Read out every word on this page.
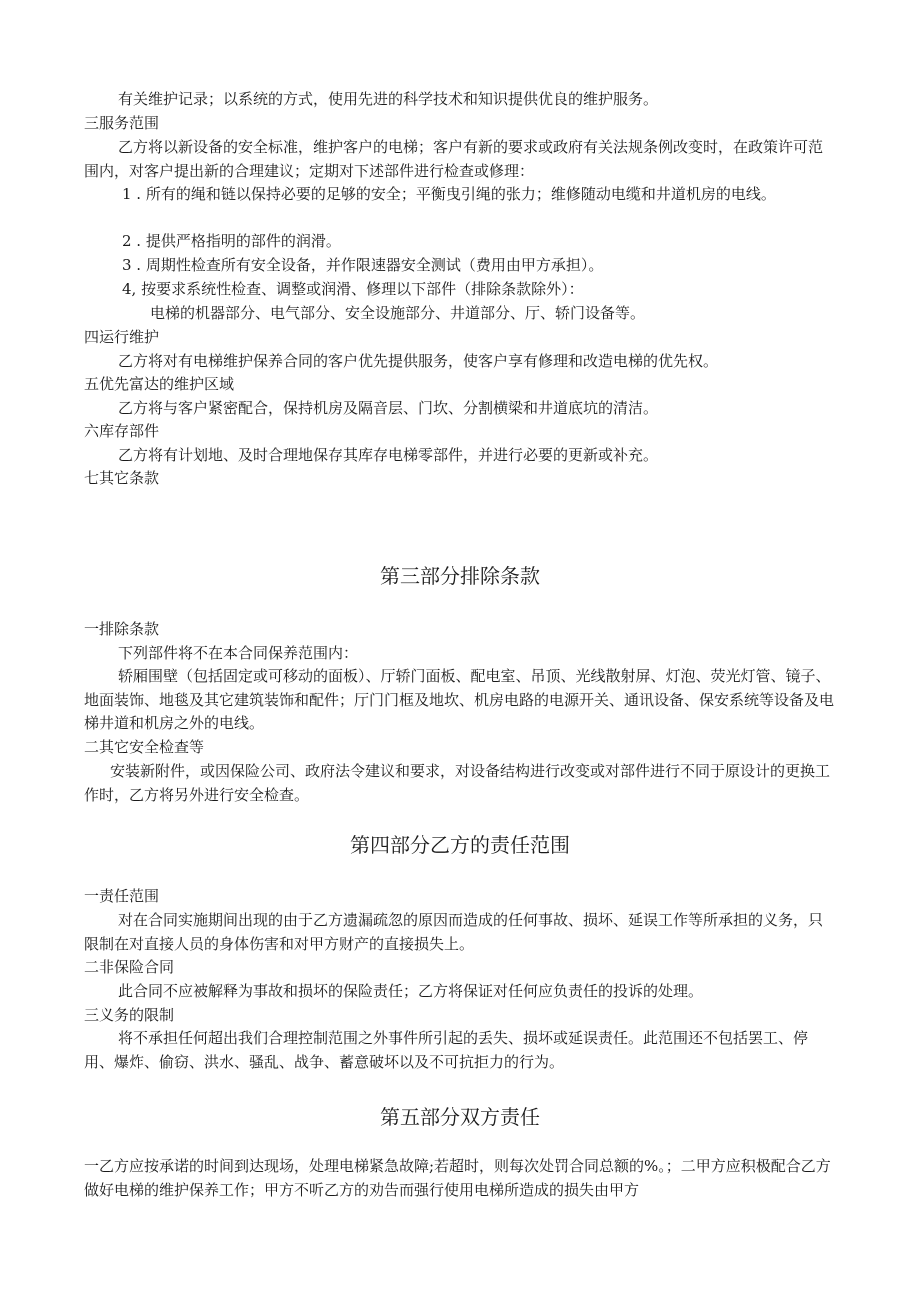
有关维护记录；以系统的方式，使用先进的科学技术和知识提供优良的维护服务。

三服务范围

乙方将以新设备的安全标准，维护客户的电梯；客户有新的要求或政府有关法规条例改变时，在政策许可范围内，对客户提出新的合理建议；定期对下述部件进行检查或修理：

1 . 所有的绳和链以保持必要的足够的安全；平衡曳引绳的张力；维修随动电缆和井道机房的电线。

2 . 提供严格指明的部件的润滑。

3 . 周期性检查所有安全设备，并作限速器安全测试（费用由甲方承担）。

4, 按要求系统性检查、调整或润滑、修理以下部件（排除条款除外）：

电梯的机器部分、电气部分、安全设施部分、井道部分、厅、轿门设备等。

四运行维护

乙方将对有电梯维护保养合同的客户优先提供服务，使客户享有修理和改造电梯的优先权。

五优先富达的维护区域

乙方将与客户紧密配合，保持机房及隔音层、门坎、分割横梁和井道底坑的清洁。

六库存部件

乙方将有计划地、及时合理地保存其库存电梯零部件，并进行必要的更新或补充。

七其它条款

第三部分排除条款

一排除条款

下列部件将不在本合同保养范围内：

轿厢围壁（包括固定或可移动的面板）、厅轿门面板、配电室、吊顶、光线散射屏、灯泡、荧光灯管、镜子、地面装饰、地毯及其它建筑装饰和配件；厅门门框及地坎、机房电路的电源开关、通讯设备、保安系统等设备及电梯井道和机房之外的电线。

二其它安全检查等

安装新附件，或因保险公司、政府法令建议和要求，对设备结构进行改变或对部件进行不同于原设计的更换工作时，乙方将另外进行安全检查。

第四部分乙方的责任范围

一责任范围

对在合同实施期间出现的由于乙方遗漏疏忽的原因而造成的任何事故、损坏、延误工作等所承担的义务，只限制在对直接人员的身体伤害和对甲方财产的直接损失上。

二非保险合同

此合同不应被解释为事故和损坏的保险责任；乙方将保证对任何应负责任的投诉的处理。

三义务的限制

将不承担任何超出我们合理控制范围之外事件所引起的丢失、损坏或延误责任。此范围还不包括罢工、停用、爆炸、偷窃、洪水、骚乱、战争、蓄意破坏以及不可抗拒力的行为。

第五部分双方责任

一乙方应按承诺的时间到达现场，处理电梯紧急故障;若超时，则每次处罚合同总额的%。；二甲方应积极配合乙方做好电梯的维护保养工作；甲方不听乙方的劝告而强行使用电梯所造成的损失由甲方
